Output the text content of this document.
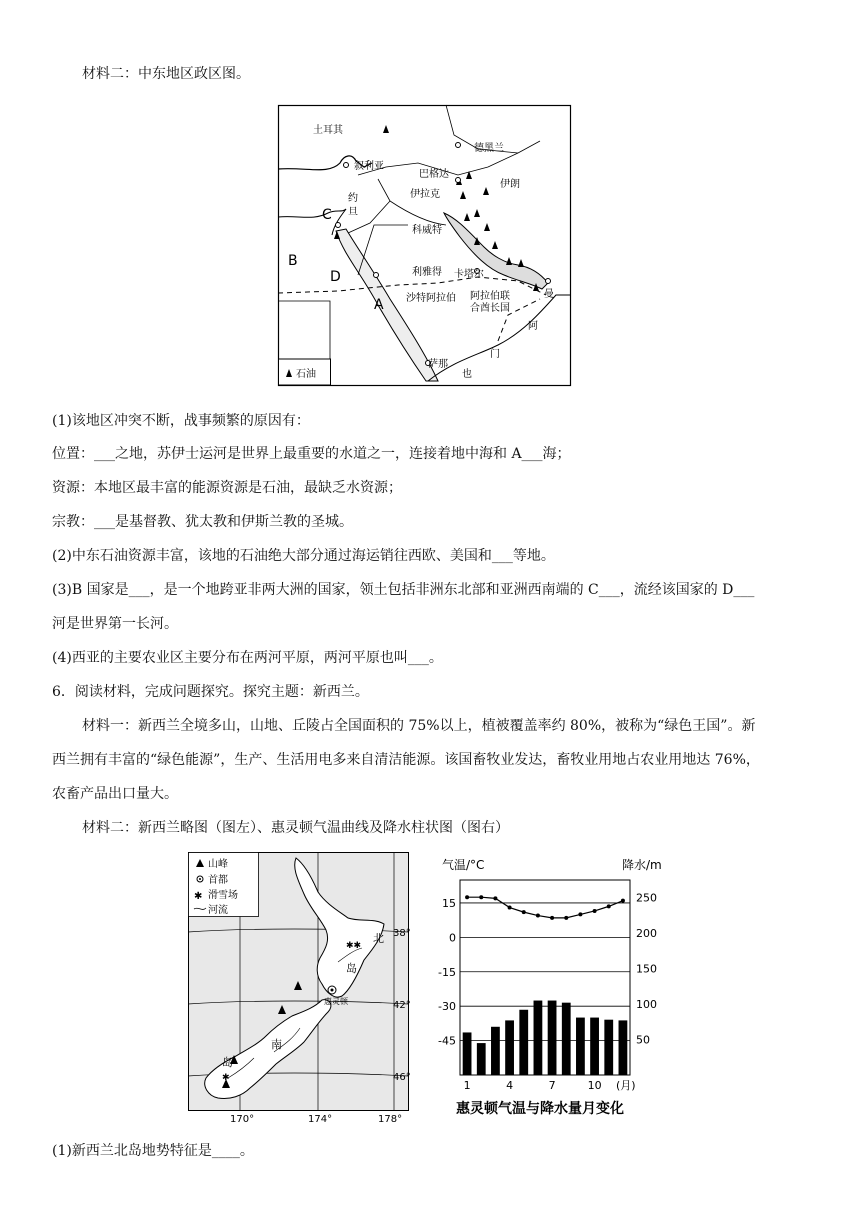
材料二：中东地区政区图。
土耳其
叙利亚
巴格达
德黑兰
伊拉克
伊朗
约
旦
科威特
利雅得 卡塔尔
沙特阿拉伯 阿拉伯联
合酋长国
曼
阿
门
萨那
也
A
B
C
D
石油
(1)该地区冲突不断，战事频繁的原因有：
位置：___之地，苏伊士运河是世界上最重要的水道之一，连接着地中海和 A___海；
资源：本地区最丰富的能源资源是石油，最缺乏水资源；
宗教：___是基督教、犹太教和伊斯兰教的圣城。
(2)中东石油资源丰富，该地的石油绝大部分通过海运销往西欧、美国和___等地。
(3)B 国家是___，是一个地跨亚非两大洲的国家，领土包括非洲东北部和亚洲西南端的 C___，流经该国家的 D___
河是世界第一长河。
(4)西亚的主要农业区主要分布在两河平原，两河平原也叫___。
6．阅读材料，完成问题探究。探究主题：新西兰。
材料一：新西兰全境多山，山地、丘陵占全国面积的 75%以上，植被覆盖率约 80%，被称为“绿色王国”。新
西兰拥有丰富的“绿色能源”，生产、生活用电多来自清洁能源。该国畜牧业发达，畜牧业用地占农业用地达 76%，
农畜产品出口量大。
材料二：新西兰略图（图左）、惠灵顿气温曲线及降水柱状图（图右）
✱✱
✱
北
岛
南
岛
惠灵顿
山峰
首都
✱ 滑雪场
河流
38°
42°
46°
170°	174°	178°
气温/°C	降水/m
15
0
-15
-30
-45
250
200
150
100
50
1	4	7	10 (月)
惠灵顿气温与降水量月变化
(1)新西兰北岛地势特征是____。
